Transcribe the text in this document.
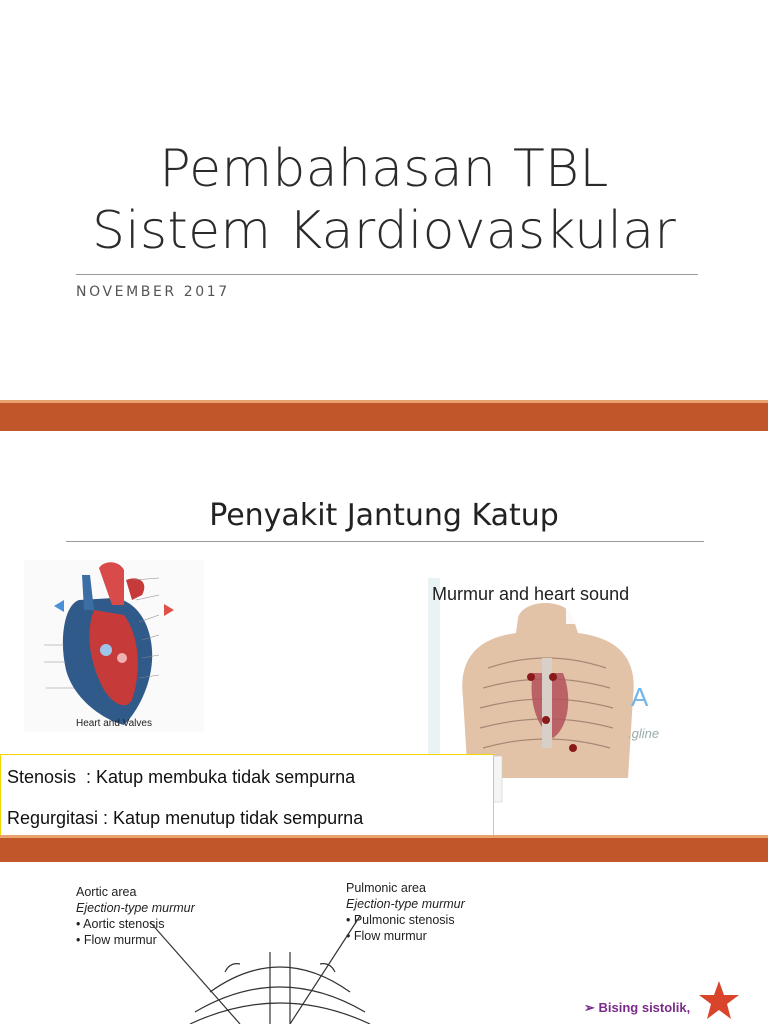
Pembahasan TBL
Sistem Kardiovaskular
NOVEMBER 2017
Penyakit Jantung Katup
Heart and Valves
A
.gline
Murmur and heart sound
Stenosis  : Katup membuka tidak sempurna
Regurgitasi : Katup menutup tidak sempurna
Aortic area
Ejection-type murmur
• Aortic stenosis
• Flow murmur
Pulmonic area
Ejection-type murmur
• Pulmonic stenosis
• Flow murmur
➢ Bising sistolik,
